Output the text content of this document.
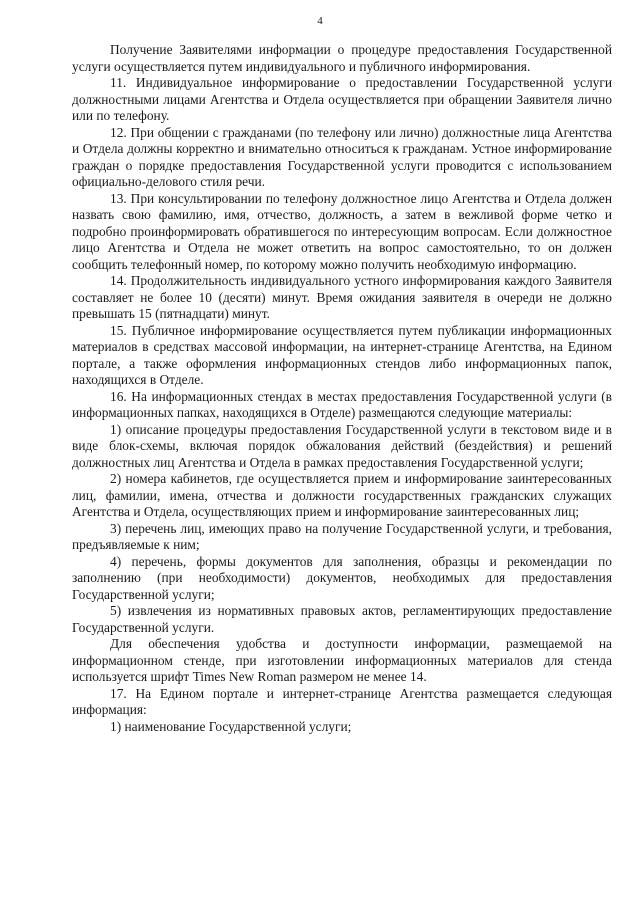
4

Получение Заявителями информации о процедуре предоставления Государственной услуги осуществляется путем индивидуального и публичного информирования.

11. Индивидуальное информирование о предоставлении Государственной услуги должностными лицами Агентства и Отдела осуществляется при обращении Заявителя лично или по телефону.

12. При общении с гражданами (по телефону или лично) должностные лица Агентства и Отдела должны корректно и внимательно относиться к гражданам. Устное информирование граждан о порядке предоставления Государственной услуги проводится с использованием официально-делового стиля речи.

13. При консультировании по телефону должностное лицо Агентства и Отдела должен назвать свою фамилию, имя, отчество, должность, а затем в вежливой форме четко и подробно проинформировать обратившегося по интересующим вопросам. Если должностное лицо Агентства и Отдела не может ответить на вопрос самостоятельно, то он должен сообщить телефонный номер, по которому можно получить необходимую информацию.

14. Продолжительность индивидуального устного информирования каждого Заявителя составляет не более 10 (десяти) минут. Время ожидания заявителя в очереди не должно превышать 15 (пятнадцати) минут.

15. Публичное информирование осуществляется путем публикации информационных материалов в средствах массовой информации, на интернет-странице Агентства, на Едином портале, а также оформления информационных стендов либо информационных папок, находящихся в Отделе.

16. На информационных стендах в местах предоставления Государственной услуги (в информационных папках, находящихся в Отделе) размещаются следующие материалы:

1) описание процедуры предоставления Государственной услуги в текстовом виде и в виде блок-схемы, включая порядок обжалования действий (бездействия) и решений должностных лиц Агентства и Отдела в рамках предоставления Государственной услуги;

2) номера кабинетов, где осуществляется прием и информирование заинтересованных лиц, фамилии, имена, отчества и должности государственных гражданских служащих Агентства и Отдела, осуществляющих прием и информирование заинтересованных лиц;

3) перечень лиц, имеющих право на получение Государственной услуги, и требования, предъявляемые к ним;

4) перечень, формы документов для заполнения, образцы и рекомендации по заполнению (при необходимости) документов, необходимых для предоставления Государственной услуги;

5) извлечения из нормативных правовых актов, регламентирующих предоставление Государственной услуги.

Для обеспечения удобства и доступности информации, размещаемой на информационном стенде, при изготовлении информационных материалов для стенда используется шрифт Times New Roman размером не менее 14.

17. На Едином портале и интернет-странице Агентства размещается следующая информация:

1) наименование Государственной услуги;
